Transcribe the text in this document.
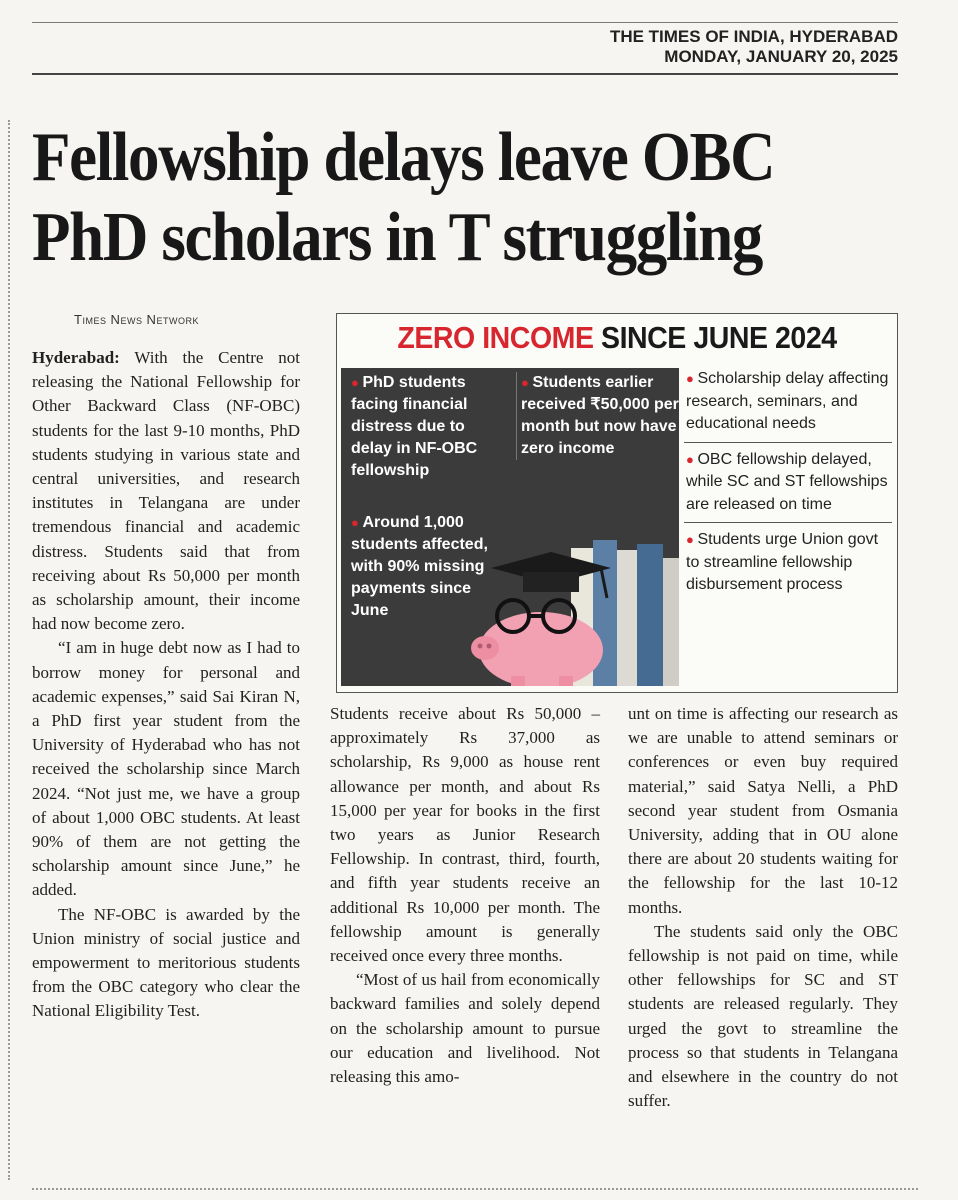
THE TIMES OF INDIA, HYDERABAD
MONDAY, JANUARY 20, 2025
Fellowship delays leave OBC
PhD scholars in T struggling
Times News Network

Hyderabad: With the Centre not releasing the National Fellowship for Other Backward Class (NF-OBC) students for the last 9-10 months, PhD students studying in various state and central universities, and research institutes in Telangana are under tremendous financial and academic distress. Students said that from receiving about Rs 50,000 per month as scholarship amount, their income had now become zero.

“I am in huge debt now as I had to borrow money for personal and academic expenses,” said Sai Kiran N, a PhD first year student from the University of Hyderabad who has not received the scholarship since March 2024. “Not just me, we have a group of about 1,000 OBC students. At least 90% of them are not getting the scholarship amount since June,” he added.

The NF-OBC is awarded by the Union ministry of social justice and empowerment to meritorious students from the OBC category who clear the National Eligibility Test.

ZERO INCOME SINCE JUNE 2024
● PhD students facing financial distress due to delay in NF-OBC fellowship
● Students earlier received ₹50,000 per month but now have zero income
● Around 1,000 students affected, with 90% missing payments since June
● Scholarship delay affecting research, seminars, and educational needs
● OBC fellowship delayed, while SC and ST fellowships are released on time
● Students urge Union govt to streamline fellowship disbursement process

Students receive about Rs 50,000 – approximately Rs 37,000 as scholarship, Rs 9,000 as house rent allowance per month, and about Rs 15,000 per year for books in the first two years as Junior Research Fellowship. In contrast, third, fourth, and fifth year students receive an additional Rs 10,000 per month. The fellowship amount is generally received once every three months.

“Most of us hail from economically backward families and solely depend on the scholarship amount to pursue our education and livelihood. Not releasing this amo-

unt on time is affecting our research as we are unable to attend seminars or conferences or even buy required material,” said Satya Nelli, a PhD second year student from Osmania University, adding that in OU alone there are about 20 students waiting for the fellowship for the last 10-12 months.

The students said only the OBC fellowship is not paid on time, while other fellowships for SC and ST students are released regularly. They urged the govt to streamline the process so that students in Telangana and elsewhere in the country do not suffer.
